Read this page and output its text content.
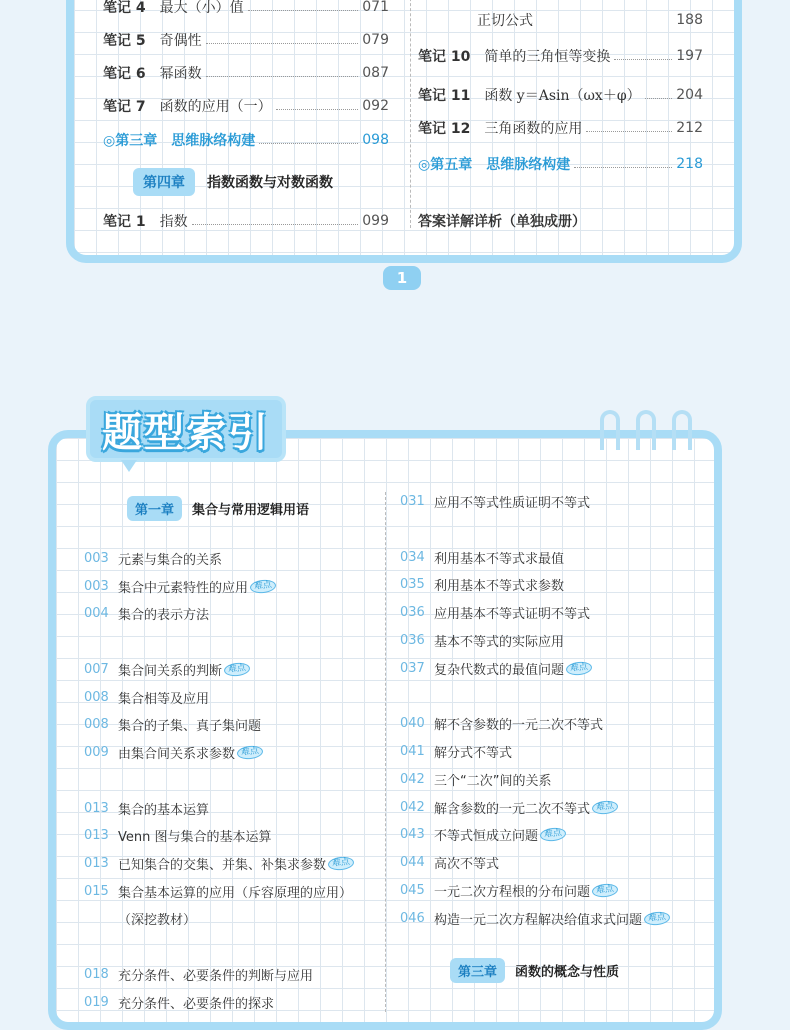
笔记 4 最大（小）值	071
笔记 5 奇偶性	079
笔记 6 幂函数	087
笔记 7 函数的应用（一）	092
◎第三章 思维脉络构建	098
第四章	指数函数与对数函数
笔记 1 指数	099
正切公式	188
笔记 10 简单的三角恒等变换	197
笔记 11 函数 y＝Asin（ωx＋φ）	204
笔记 12 三角函数的应用	212
◎第五章 思维脉络构建	218
答案详解详析（单独成册）
1
题型索引
第一章	集合与常用逻辑用语
003 元素与集合的关系
003 集合中元素特性的应用 难点
004 集合的表示方法
007 集合间关系的判断 难点
008 集合相等及应用
008 集合的子集、真子集问题
009 由集合间关系求参数 难点
013 集合的基本运算
013 Venn 图与集合的基本运算
013 已知集合的交集、并集、补集求参数 难点
015 集合基本运算的应用（斥容原理的应用）
（深挖教材）
018 充分条件、必要条件的判断与应用
019 充分条件、必要条件的探求
031 应用不等式性质证明不等式
034 利用基本不等式求最值
035 利用基本不等式求参数
036 应用基本不等式证明不等式
036 基本不等式的实际应用
037 复杂代数式的最值问题 难点
040 解不含参数的一元二次不等式
041 解分式不等式
042 三个“二次”间的关系
042 解含参数的一元二次不等式 难点
043 不等式恒成立问题 难点
044 高次不等式
045 一元二次方程根的分布问题 难点
046 构造一元二次方程解决给值求式问题 难点
第三章	函数的概念与性质
